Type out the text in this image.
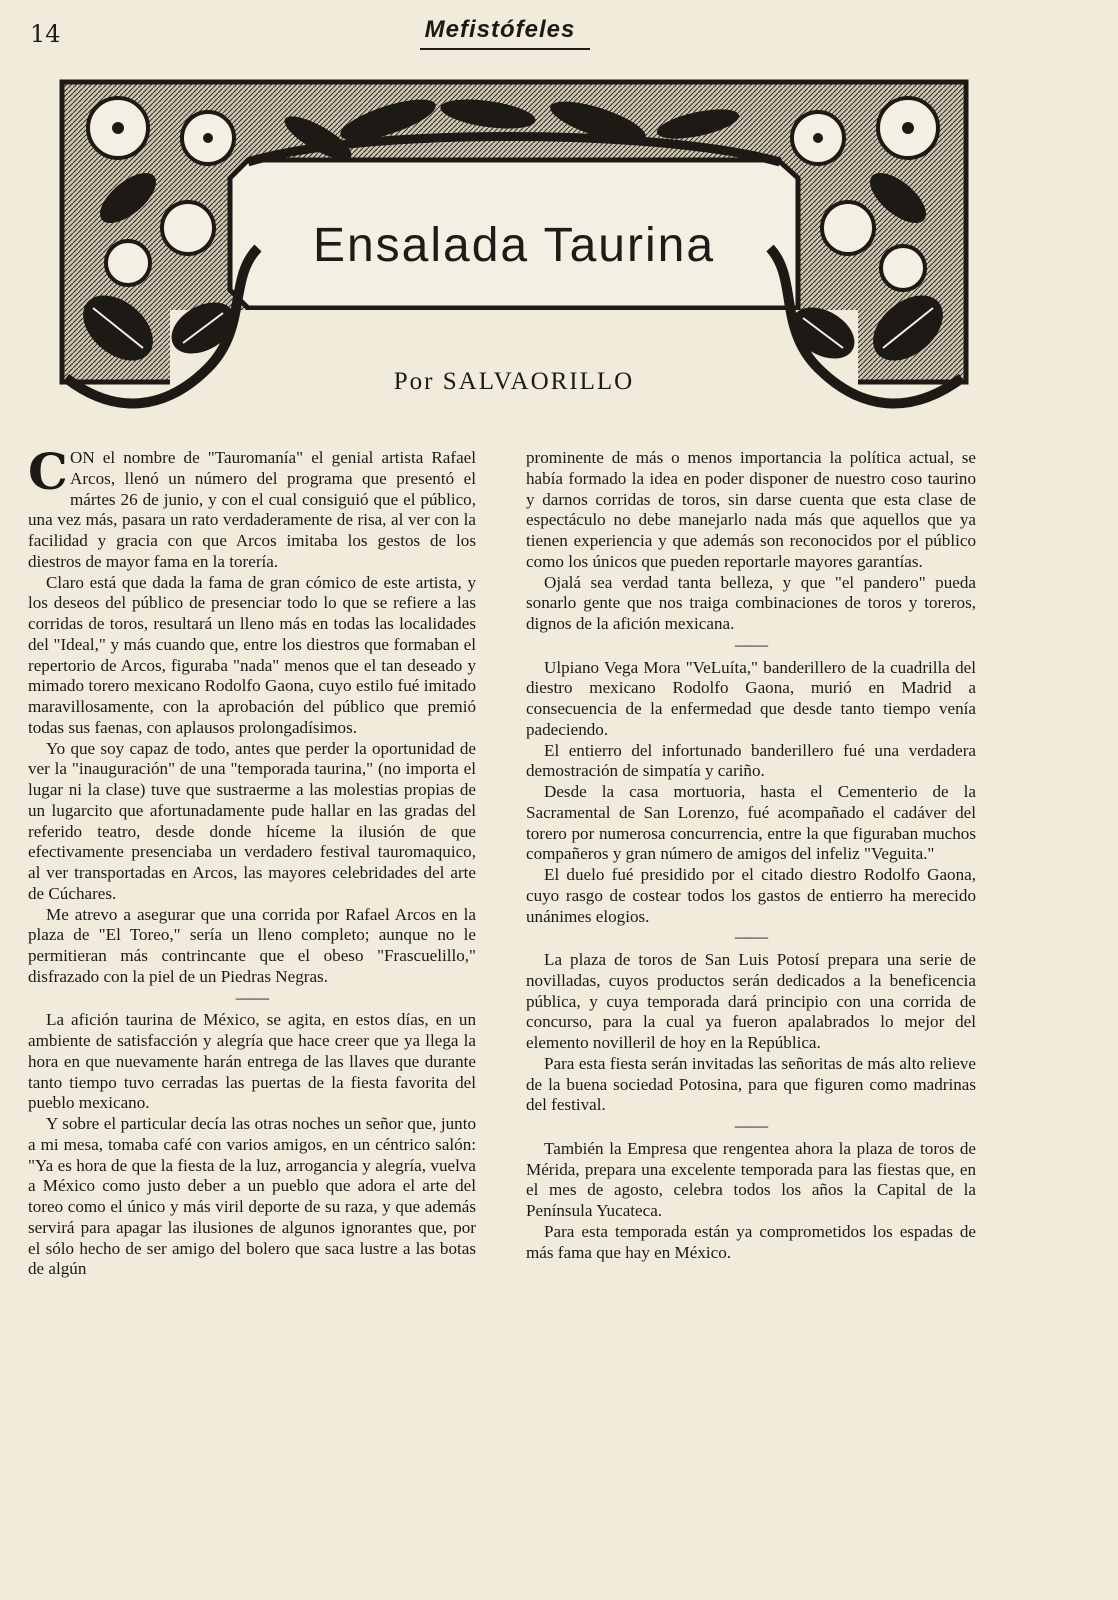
14	Mefistófeles
Ensalada Taurina
Por SALVAORILLO

CON el nombre de "Tauromanía" el genial artista Rafael Arcos, llenó un número del programa que presentó el mártes 26 de junio, y con el cual consiguió que el público, una vez más, pasara un rato verdaderamente de risa, al ver con la facilidad y gracia con que Arcos imitaba los gestos de los diestros de mayor fama en la torería.

Claro está que dada la fama de gran cómico de este artista, y los deseos del público de presenciar todo lo que se refiere a las corridas de toros, resultará un lleno más en todas las localidades del "Ideal," y más cuando que, entre los diestros que formaban el repertorio de Arcos, figuraba "nada" menos que el tan deseado y mimado torero mexicano Rodolfo Gaona, cuyo estilo fué imitado maravillosamente, con la aprobación del público que premió todas sus faenas, con aplausos prolongadísimos.

Yo que soy capaz de todo, antes que perder la oportunidad de ver la "inauguración" de una "temporada taurina," (no importa el lugar ni la clase) tuve que sustraerme a las molestias propias de un lugarcito que afortunadamente pude hallar en las gradas del referido teatro, desde donde híceme la ilusión de que efectivamente presenciaba un verdadero festival tauromaquico, al ver transportadas en Arcos, las mayores celebridades del arte de Cúchares.

Me atrevo a asegurar que una corrida por Rafael Arcos en la plaza de "El Toreo," sería un lleno completo; aunque no le permitieran más contrincante que el obeso "Frascuelillo," disfrazado con la piel de un Piedras Negras.

——

La afición taurina de México, se agita, en estos días, en un ambiente de satisfacción y alegría que hace creer que ya llega la hora en que nuevamente harán entrega de las llaves que durante tanto tiempo tuvo cerradas las puertas de la fiesta favorita del pueblo mexicano.

Y sobre el particular decía las otras noches un señor que, junto a mi mesa, tomaba café con varios amigos, en un céntrico salón: "Ya es hora de que la fiesta de la luz, arrogancia y alegría, vuelva a México como justo deber a un pueblo que adora el arte del toreo como el único y más viril deporte de su raza, y que además servirá para apagar las ilusiones de algunos ignorantes que, por el sólo hecho de ser amigo del bolero que saca lustre a las botas de algún

prominente de más o menos importancia la política actual, se había formado la idea en poder disponer de nuestro coso taurino y darnos corridas de toros, sin darse cuenta que esta clase de espectáculo no debe manejarlo nada más que aquellos que ya tienen experiencia y que además son reconocidos por el público como los únicos que pueden reportarle mayores garantías.

Ojalá sea verdad tanta belleza, y que "el pandero" pueda sonarlo gente que nos traiga combinaciones de toros y toreros, dignos de la afición mexicana.

——

Ulpiano Vega Mora "VeLuíta," banderillero de la cuadrilla del diestro mexicano Rodolfo Gaona, murió en Madrid a consecuencia de la enfermedad que desde tanto tiempo venía padeciendo.

El entierro del infortunado banderillero fué una verdadera demostración de simpatía y cariño.

Desde la casa mortuoria, hasta el Cementerio de la Sacramental de San Lorenzo, fué acompañado el cadáver del torero por numerosa concurrencia, entre la que figuraban muchos compañeros y gran número de amigos del infeliz "Veguita."

El duelo fué presidido por el citado diestro Rodolfo Gaona, cuyo rasgo de costear todos los gastos de entierro ha merecido unánimes elogios.

——

La plaza de toros de San Luis Potosí prepara una serie de novilladas, cuyos productos serán dedicados a la beneficencia pública, y cuya temporada dará principio con una corrida de concurso, para la cual ya fueron apalabrados lo mejor del elemento novilleril de hoy en la República.

Para esta fiesta serán invitadas las señoritas de más alto relieve de la buena sociedad Potosina, para que figuren como madrinas del festival.

——

También la Empresa que rengentea ahora la plaza de toros de Mérida, prepara una excelente temporada para las fiestas que, en el mes de agosto, celebra todos los años la Capital de la Península Yucateca.

Para esta temporada están ya comprometidos los espadas de más fama que hay en México.
